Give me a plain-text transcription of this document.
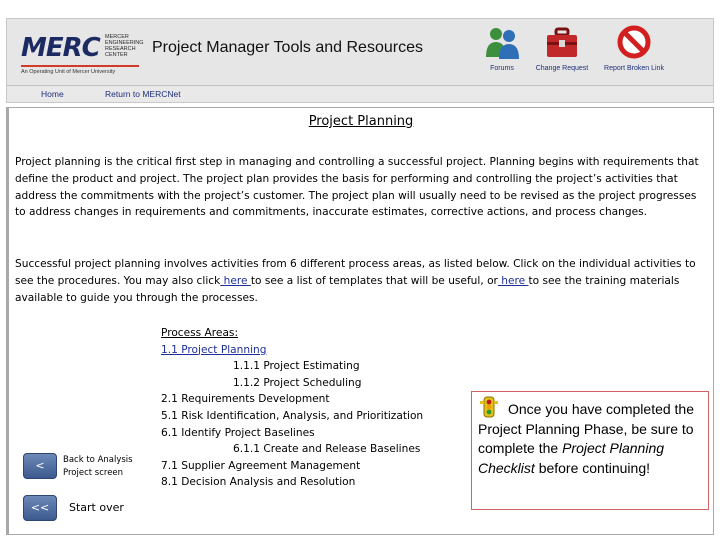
MERC MERCER ENGINEERING RESEARCH CENTER
An Operating Unit of Mercer University
Project Manager Tools and Resources
Forums	Change Request	Report Broken Link
Home	Return to MERCNet
Project Planning

Project planning is the critical first step in managing and controlling a successful project. Planning begins with requirements that define the product and project. The project plan provides the basis for performing and controlling the project’s activities that address the commitments with the project’s customer. The project plan will usually need to be revised as the project progresses to address changes in requirements and commitments, inaccurate estimates, corrective actions, and process changes.

Successful project planning involves activities from 6 different process areas, as listed below. Click on the individual activities to see the procedures. You may also click here to see a list of templates that will be useful, or here to see the training materials available to guide you through the processes.

Process Areas:
1.1 Project Planning
1.1.1 Project Estimating
1.1.2 Project Scheduling
2.1 Requirements Development
5.1 Risk Identification, Analysis, and Prioritization
6.1 Identify Project Baselines
6.1.1 Create and Release Baselines
7.1 Supplier Agreement Management
8.1 Decision Analysis and Resolution
<	Back to Analysis
Project screen
<<	Start over
Once you have completed the Project Planning Phase, be sure to complete the Project Planning Checklist before continuing!
